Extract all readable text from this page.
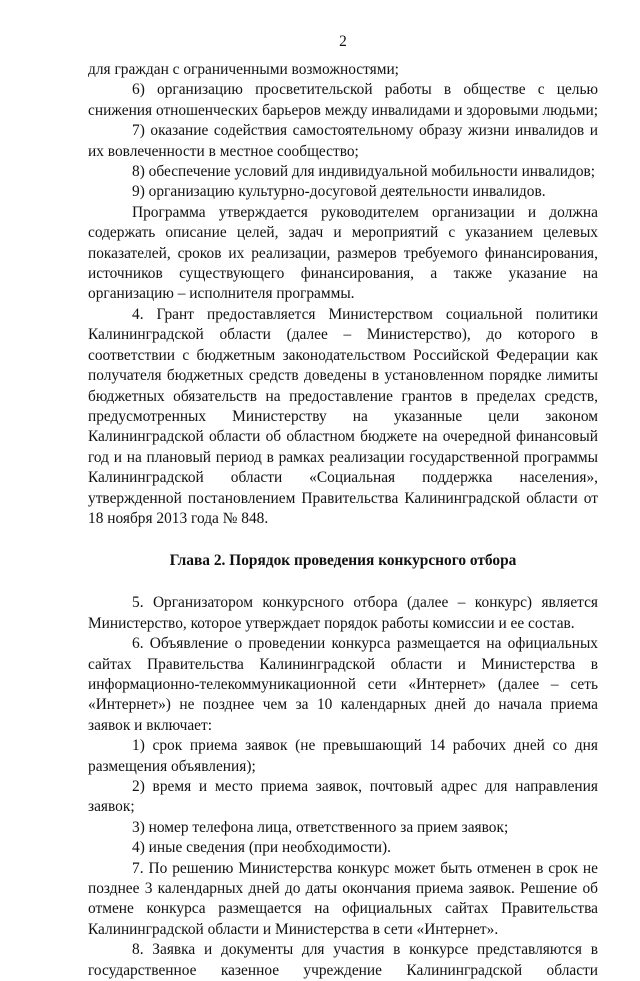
2

для граждан с ограниченными возможностями;

6) организацию просветительской работы в обществе с целью снижения отношенческих барьеров между инвалидами и здоровыми людьми;

7) оказание содействия самостоятельному образу жизни инвалидов и их вовлеченности в местное сообщество;

8) обеспечение условий для индивидуальной мобильности инвалидов;

9) организацию культурно-досуговой деятельности инвалидов.

Программа утверждается руководителем организации и должна содержать описание целей, задач и мероприятий с указанием целевых показателей, сроков их реализации, размеров требуемого финансирования, источников существующего финансирования, а также указание на организацию – исполнителя программы.

4. Грант предоставляется Министерством социальной политики Калининградской области (далее – Министерство), до которого в соответствии с бюджетным законодательством Российской Федерации как получателя бюджетных средств доведены в установленном порядке лимиты бюджетных обязательств на предоставление грантов в пределах средств, предусмотренных Министерству на указанные цели законом Калининградской области об областном бюджете на очередной финансовый год и на плановый период в рамках реализации государственной программы Калининградской области «Социальная поддержка населения», утвержденной постановлением Правительства Калининградской области от 18 ноября 2013 года № 848.

Глава 2. Порядок проведения конкурсного отбора

5. Организатором конкурсного отбора (далее – конкурс) является Министерство, которое утверждает порядок работы комиссии и ее состав.

6. Объявление о проведении конкурса размещается на официальных сайтах Правительства Калининградской области и Министерства в информационно-телекоммуникационной сети «Интернет» (далее – сеть «Интернет») не позднее чем за 10 календарных дней до начала приема заявок и включает:

1) срок приема заявок (не превышающий 14 рабочих дней со дня размещения объявления);

2) время и место приема заявок, почтовый адрес для направления заявок;

3) номер телефона лица, ответственного за прием заявок;

4) иные сведения (при необходимости).

7. По решению Министерства конкурс может быть отменен в срок не позднее 3 календарных дней до даты окончания приема заявок. Решение об отмене конкурса размещается на официальных сайтах Правительства Калининградской области и Министерства в сети «Интернет».

8. Заявка и документы для участия в конкурсе представляются в государственное казенное учреждение Калининградской области
